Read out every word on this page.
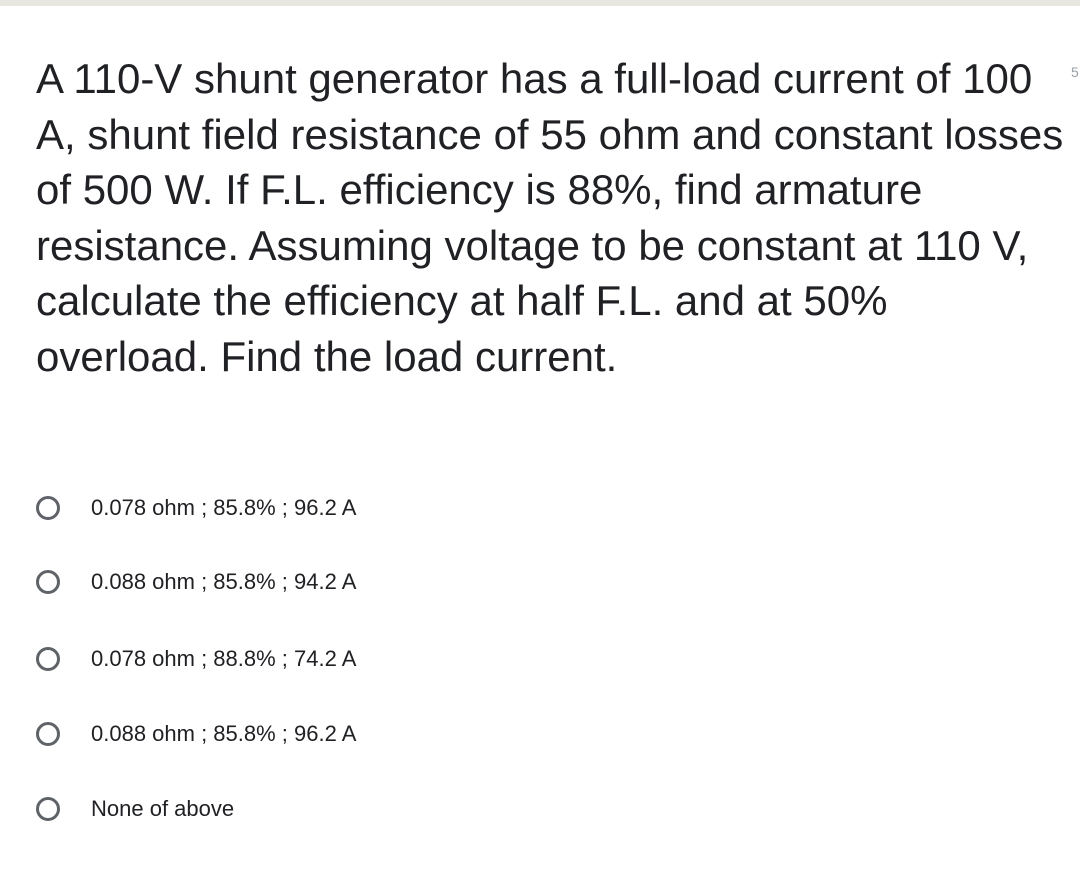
A 110-V shunt generator has a full-load current of 100 A, shunt field resistance of 55 ohm and constant losses of 500 W. If F.L. efficiency is 88%, find armature resistance. Assuming voltage to be constant at 110 V, calculate the efficiency at half F.L. and at 50% overload. Find the load current.

5
0.078 ohm ; 85.8% ; 96.2 A
0.088 ohm ; 85.8% ; 94.2 A
0.078 ohm ; 88.8% ; 74.2 A
0.088 ohm ; 85.8% ; 96.2 A
None of above
